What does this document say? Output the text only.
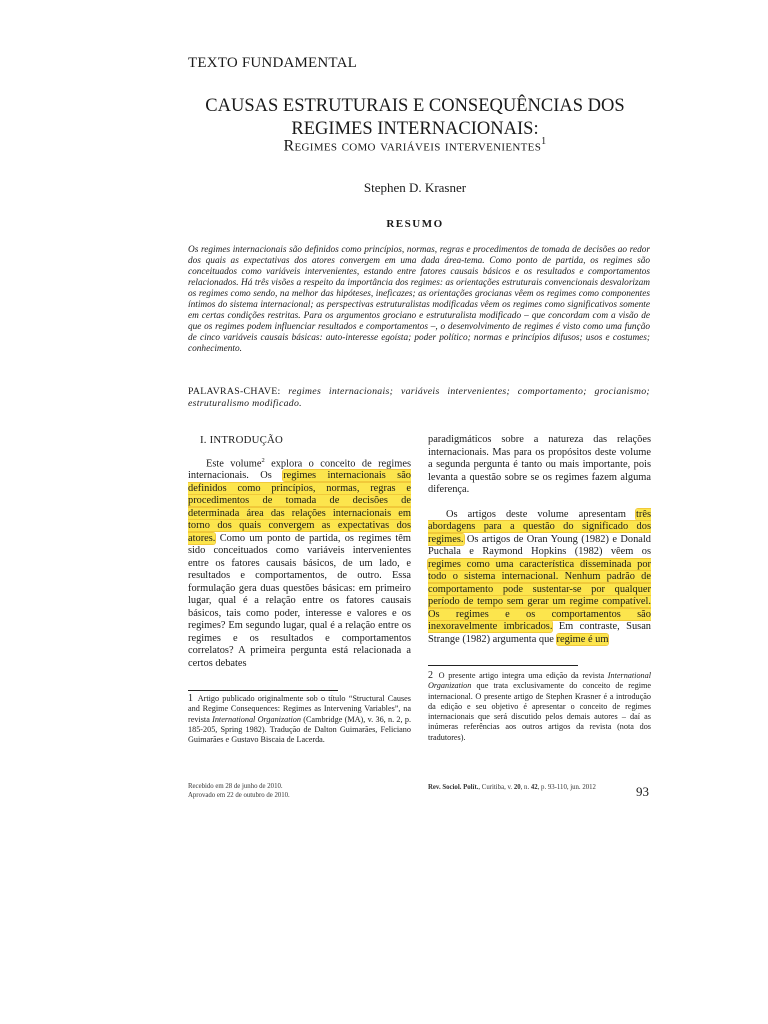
TEXTO FUNDAMENTAL
CAUSAS ESTRUTURAIS E CONSEQUÊNCIAS DOS
REGIMES INTERNACIONAIS:
Regimes como variáveis intervenientes$^1$
Stephen D. Krasner
RESUMO
Os regimes internacionais são definidos como princípios, normas, regras e procedimentos de tomada de decisões ao redor dos quais as expectativas dos atores convergem em uma dada área-tema. Como ponto de partida, os regimes são conceituados como variáveis intervenientes, estando entre fatores causais básicos e os resultados e comportamentos relacionados. Há três visões a respeito da importância dos regimes: as orientações estruturais convencionais desvalorizam os regimes como sendo, na melhor das hipóteses, ineficazes; as orientações grocianas vêem os regimes como componentes íntimos do sistema internacional; as perspectivas estruturalistas modificadas vêem os regimes como significativos somente em certas condições restritas. Para os argumentos grociano e estruturalista modificado – que concordam com a visão de que os regimes podem influenciar resultados e comportamentos –, o desenvolvimento de regimes é visto como uma função de cinco variáveis causais básicas: auto-interesse egoísta; poder político; normas e princípios difusos; usos e costumes; conhecimento.
PALAVRAS-CHAVE: regimes internacionais; variáveis intervenientes; comportamento; grocianismo; estruturalismo modificado.

I. INTRODUÇÃO

Este volume$^2$ explora o conceito de regimes internacionais. Os regimes internacionais são definidos como princípios, normas, regras e procedimentos de tomada de decisões de determinada área das relações internacionais em torno dos quais convergem as expectativas dos atores. Como um ponto de partida, os regimes têm sido conceituados como variáveis intervenientes entre os fatores causais básicos, de um lado, e resultados e comportamentos, de outro. Essa formulação gera duas questões básicas: em primeiro lugar, qual é a relação entre os fatores causais básicos, tais como poder, interesse e valores e os regimes? Em segundo lugar, qual é a relação entre os regimes e os resultados e comportamentos correlatos? A primeira pergunta está relacionada a certos debates

paradigmáticos sobre a natureza das relações internacionais. Mas para os propósitos deste volume a segunda pergunta é tanto ou mais importante, pois levanta a questão sobre se os regimes fazem alguma diferença.

Os artigos deste volume apresentam três abordagens para a questão do significado dos regimes. Os artigos de Oran Young (1982) e Donald Puchala e Raymond Hopkins (1982) vêem os regimes como uma característica disseminada por todo o sistema internacional. Nenhum padrão de comportamento pode sustentar-se por qualquer período de tempo sem gerar um regime compatível. Os regimes e os comportamentos são inexoravelmente imbricados. Em contraste, Susan Strange (1982) argumenta que regime é um

2 O presente artigo integra uma edição da revista International Organization que trata exclusivamente do conceito de regime internacional. O presente artigo de Stephen Krasner é a introdução da edição e seu objetivo é apresentar o conceito de regimes internacionais que será discutido pelos demais autores – daí as inúmeras referências aos outros artigos da revista (nota dos tradutores).
1 Artigo publicado originalmente sob o título “Structural Causes and Regime Consequences: Regimes as Intervening Variables”, na revista International Organization (Cambridge (MA), v. 36, n. 2, p. 185-205, Spring 1982). Tradução de Dalton Guimarães, Feliciano Guimarães e Gustavo Biscaia de Lacerda.
Recebido em 28 de junho de 2010.
Aprovado em 22 de outubro de 2010.
Rev. Sociol. Polít., Curitiba, v. 20, n. 42, p. 93-110, jun. 2012	93
